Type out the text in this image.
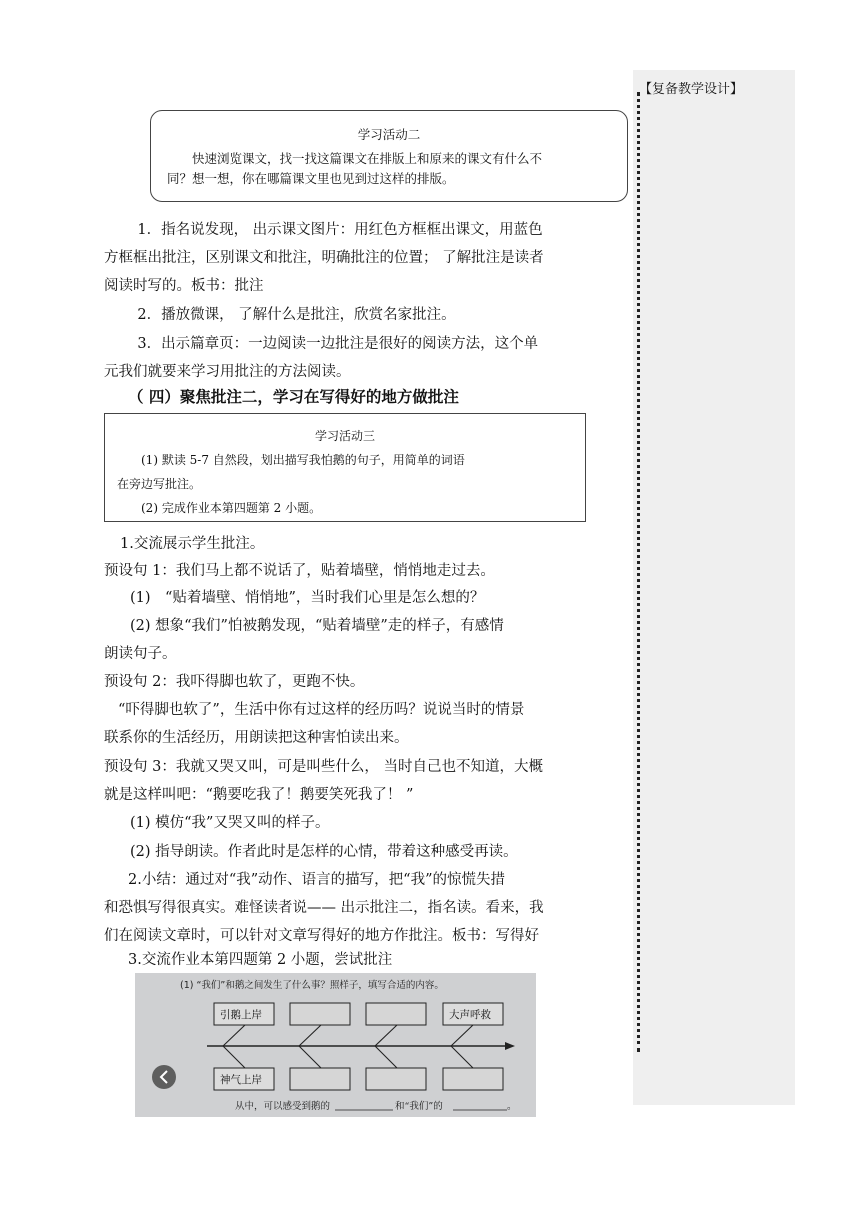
【复备教学设计】
学习活动二
快速浏览课文，找一找这篇课文在排版上和原来的课文有什么不
同？想一想，你在哪篇课文里也见到过这样的排版。
1．指名说发现， 出示课文图片：用红色方框框出课文，用蓝色
方框框出批注，区别课文和批注，明确批注的位置； 了解批注是读者
阅读时写的。板书：批注
2．播放微课， 了解什么是批注，欣赏名家批注。
3．出示篇章页：一边阅读一边批注是很好的阅读方法，这个单
元我们就要来学习用批注的方法阅读。
（ 四）聚焦批注二，学习在写得好的地方做批注
学习活动三
(1) 默读 5-7 自然段，划出描写我怕鹅的句子，用简单的词语
在旁边写批注。
(2) 完成作业本第四题第 2 小题。
1.交流展示学生批注。
预设句 1：我们马上都不说话了，贴着墙壁，悄悄地走过去。
(1)　“贴着墙壁、悄悄地”，当时我们心里是怎么想的？
(2) 想象“我们”怕被鹅发现，“贴着墙壁”走的样子，有感情
朗读句子。
预设句 2：我吓得脚也软了，更跑不快。
“吓得脚也软了”，生活中你有过这样的经历吗？说说当时的情景
联系你的生活经历，用朗读把这种害怕读出来。
预设句 3：我就又哭又叫，可是叫些什么， 当时自己也不知道，大概
就是这样叫吧：“鹅要吃我了！鹅要笑死我了！ ”
(1) 模仿“我”又哭又叫的样子。
(2) 指导朗读。作者此时是怎样的心情，带着这种感受再读。
2.小结：通过对“我”动作、语言的描写，把“我”的惊慌失措
和恐惧写得很真实。难怪读者说—— 出示批注二，指名读。看来，我
们在阅读文章时，可以针对文章写得好的地方作批注。板书：写得好
3.交流作业本第四题第 2 小题，尝试批注
(1) “我们”和鹅之间发生了什么事？照样子，填写合适的内容。
引鹅上岸	大声呼救
神气上岸
从中，可以感受到鹅的	和“我们”的	。
